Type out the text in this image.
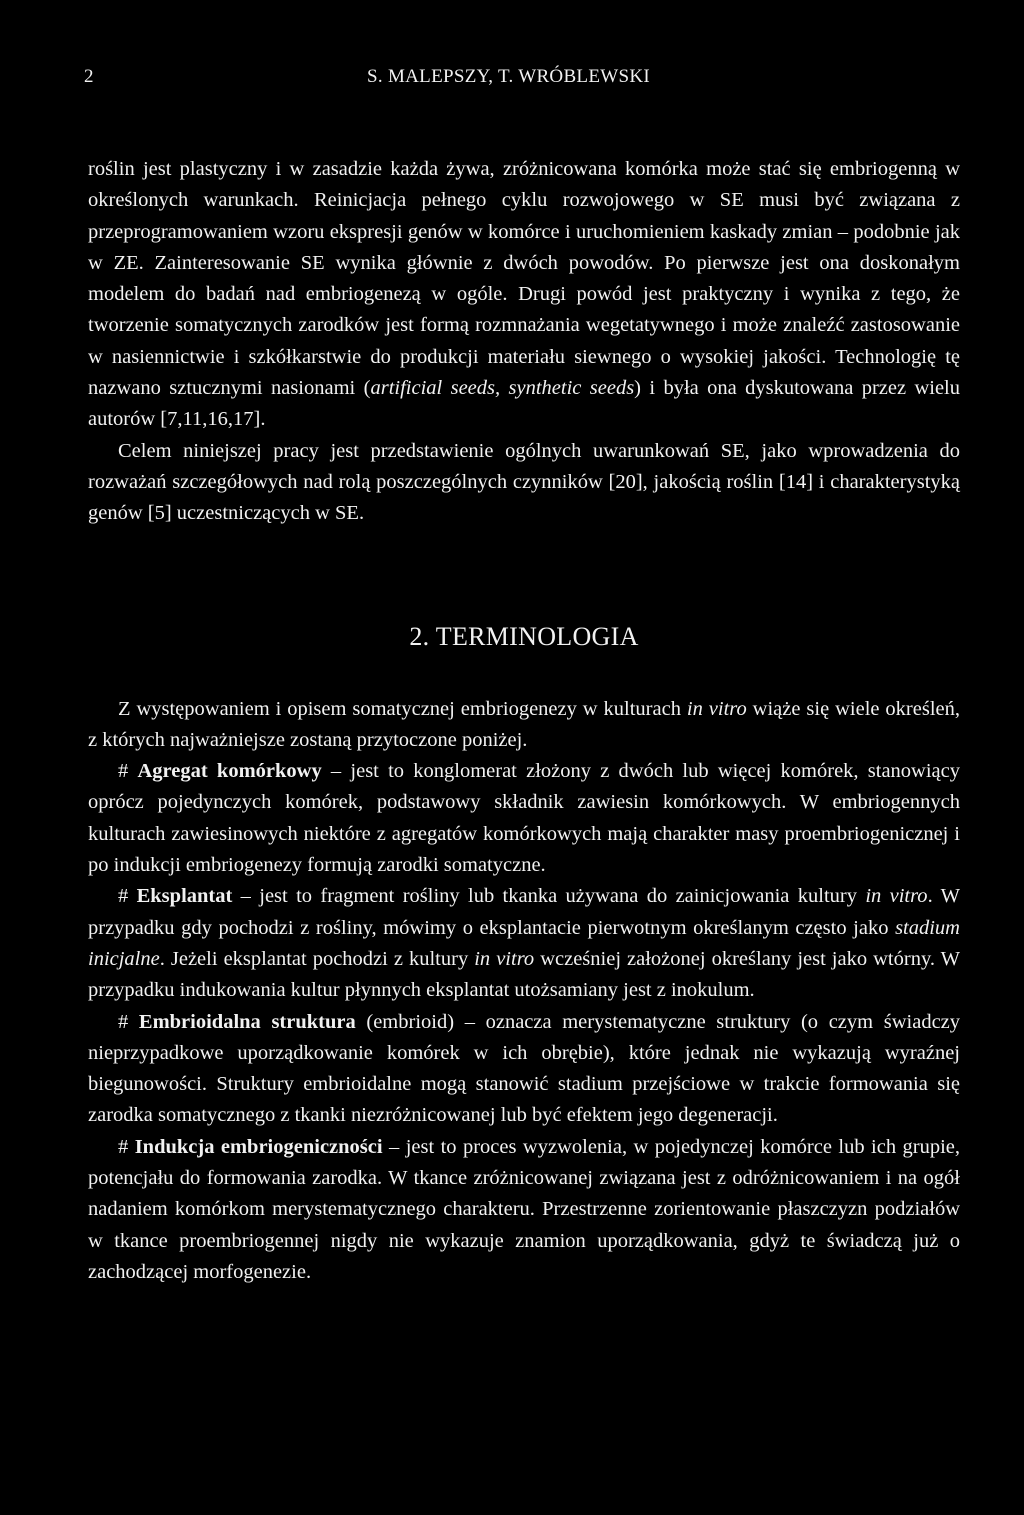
2	S. MALEPSZY, T. WRÓBLEWSKI

roślin jest plastyczny i w zasadzie każda żywa, zróżnicowana komórka może stać się embriogenną w określonych warunkach. Reinicjacja pełnego cyklu rozwojowego w SE musi być związana z przeprogramowaniem wzoru ekspresji genów w komórce i uruchomieniem kaskady zmian – podobnie jak w ZE. Zainteresowanie SE wynika głównie z dwóch powodów. Po pierwsze jest ona doskonałym modelem do badań nad embriogenezą w ogóle. Drugi powód jest praktyczny i wynika z tego, że tworzenie somatycznych zarodków jest formą rozmnażania wegetatywnego i może znaleźć zastosowanie w nasiennictwie i szkółkarstwie do produkcji materiału siewnego o wysokiej jakości. Technologię tę nazwano sztucznymi nasionami (artificial seeds, synthetic seeds) i była ona dyskutowana przez wielu autorów [7,11,16,17].

Celem niniejszej pracy jest przedstawienie ogólnych uwarunkowań SE, jako wprowadzenia do rozważań szczegółowych nad rolą poszczególnych czynników [20], jakością roślin [14] i charakterystyką genów [5] uczestniczących w SE.

2. TERMINOLOGIA

Z występowaniem i opisem somatycznej embriogenezy w kulturach in vitro wiąże się wiele określeń, z których najważniejsze zostaną przytoczone poniżej.

# Agregat komórkowy – jest to konglomerat złożony z dwóch lub więcej komórek, stanowiący oprócz pojedynczych komórek, podstawowy składnik zawiesin komórkowych. W embriogennych kulturach zawiesinowych niektóre z agregatów komórkowych mają charakter masy proembriogenicznej i po indukcji embriogenezy formują zarodki somatyczne.

# Eksplantat – jest to fragment rośliny lub tkanka używana do zainicjowania kultury in vitro. W przypadku gdy pochodzi z rośliny, mówimy o eksplantacie pierwotnym określanym często jako stadium inicjalne. Jeżeli eksplantat pochodzi z kultury in vitro wcześniej założonej określany jest jako wtórny. W przypadku indukowania kultur płynnych eksplantat utożsamiany jest z inokulum.

# Embrioidalna struktura (embrioid) – oznacza merystematyczne struktury (o czym świadczy nieprzypadkowe uporządkowanie komórek w ich obrębie), które jednak nie wykazują wyraźnej biegunowości. Struktury embrioidalne mogą stanowić stadium przejściowe w trakcie formowania się zarodka somatycznego z tkanki niezróżnicowanej lub być efektem jego degeneracji.

# Indukcja embriogeniczności – jest to proces wyzwolenia, w pojedynczej komórce lub ich grupie, potencjału do formowania zarodka. W tkance zróżnicowanej związana jest z odróżnicowaniem i na ogół nadaniem komórkom merystematycznego charakteru. Przestrzenne zorientowanie płaszczyzn podziałów w tkance proembriogennej nigdy nie wykazuje znamion uporządkowania, gdyż te świadczą już o zachodzącej morfogenezie.
